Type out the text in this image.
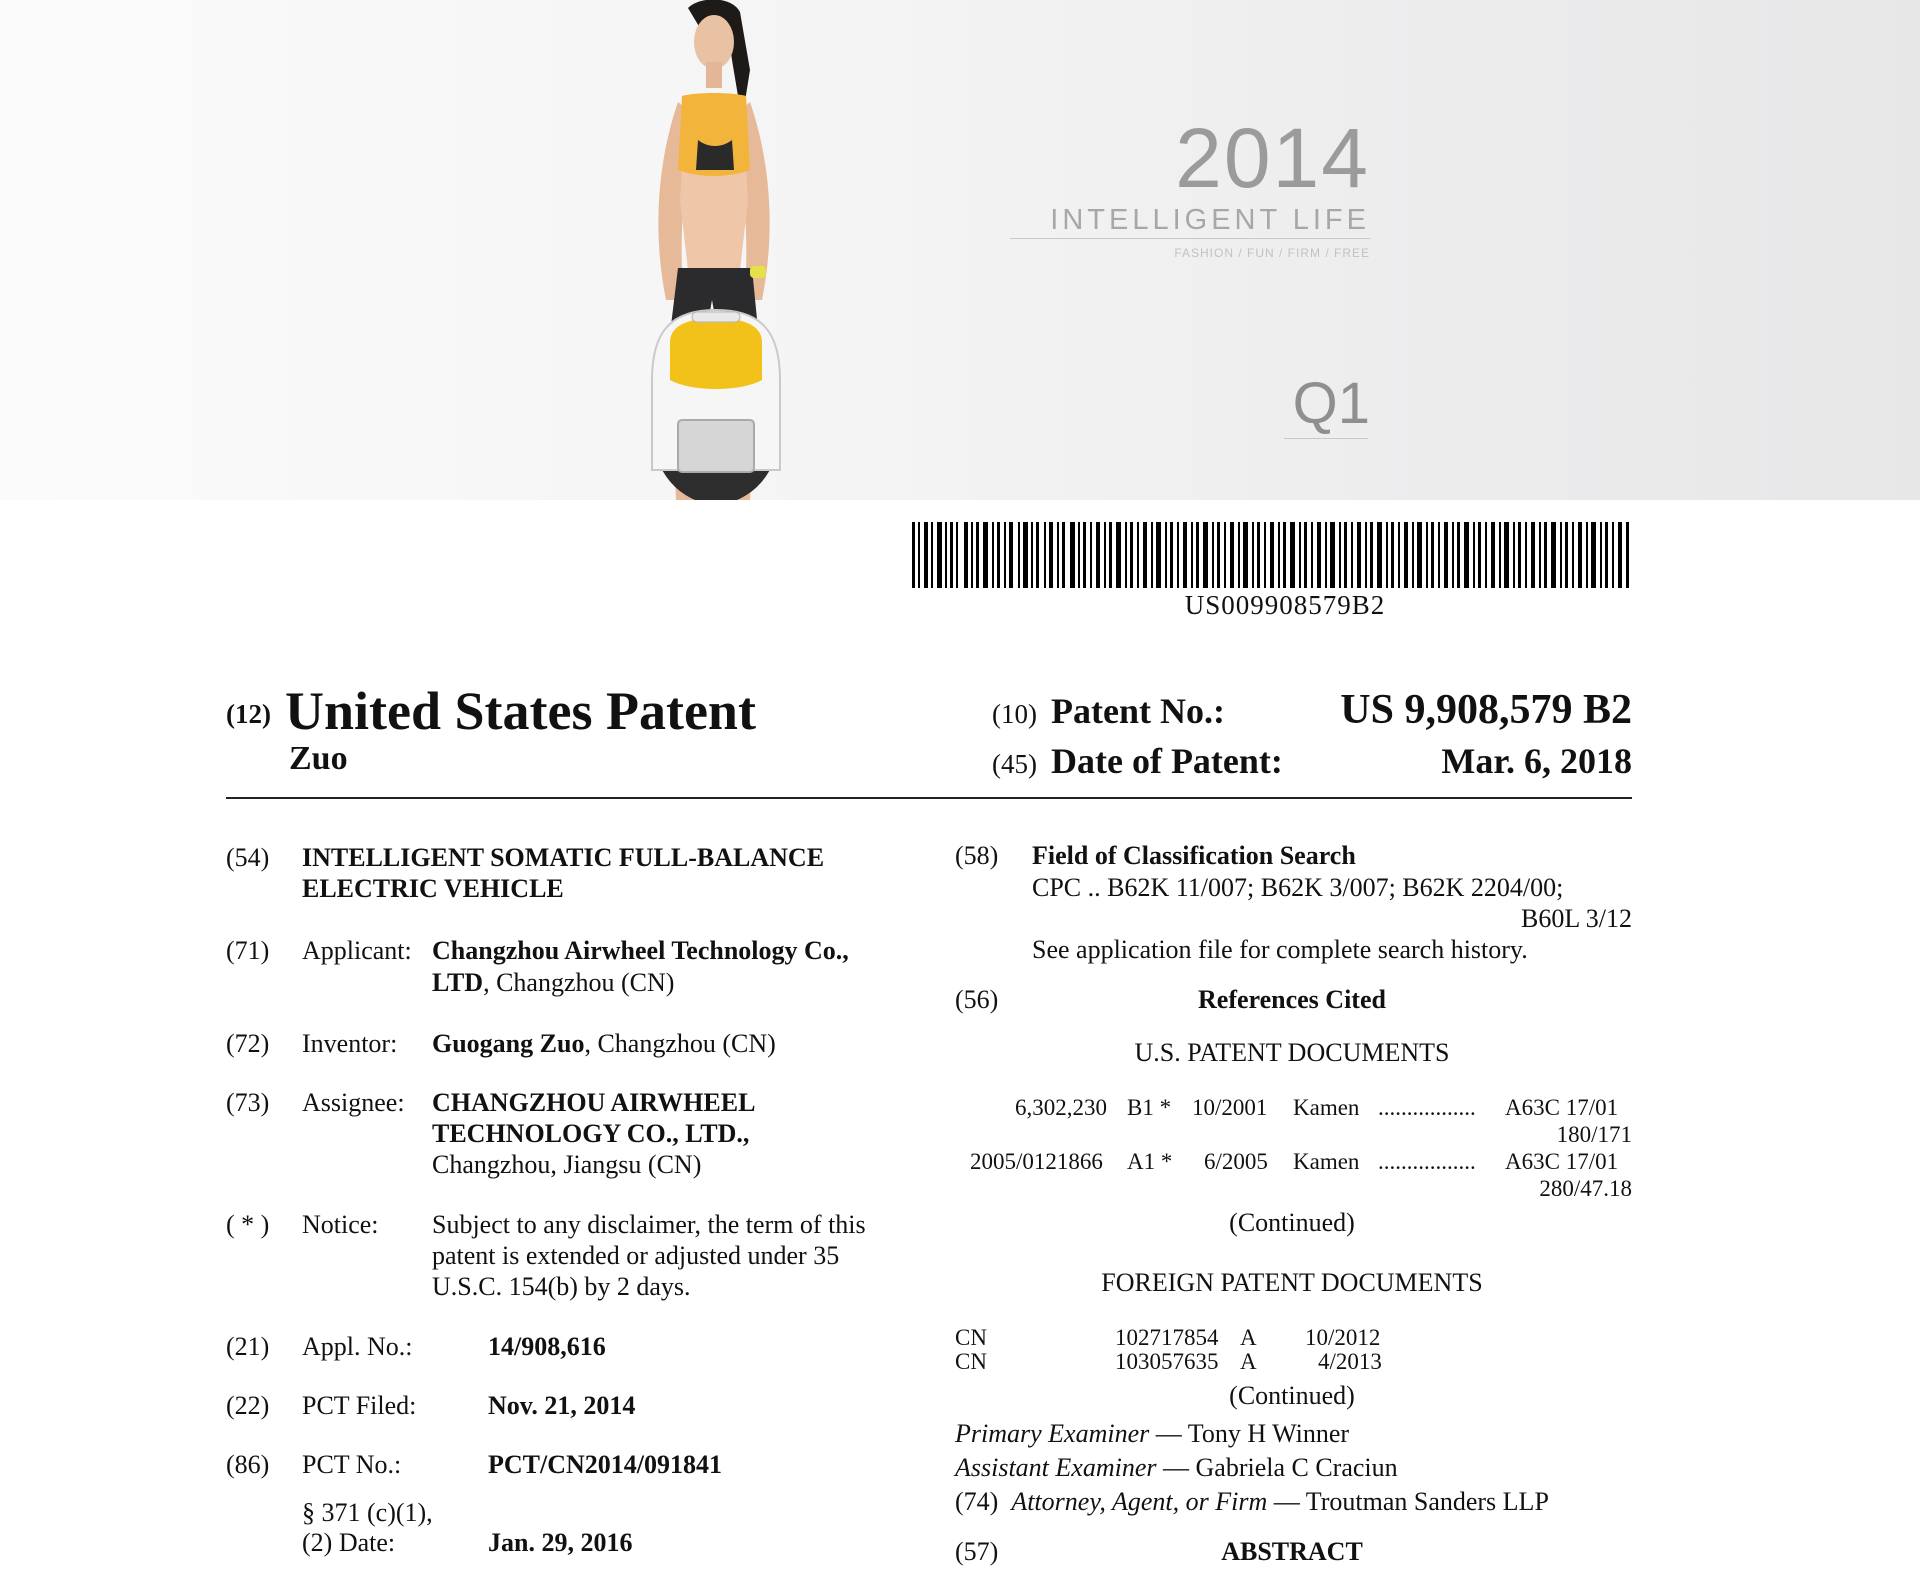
2014
INTELLIGENT LIFE
FASHION / FUN / FIRM / FREE
Q1
US009908579B2
(12) United States Patent
Zuo
(10) Patent No.:	US 9,908,579 B2
(45) Date of Patent:	Mar. 6, 2018
(54) INTELLIGENT SOMATIC FULL-BALANCE
ELECTRIC VEHICLE
(71) Applicant: Changzhou Airwheel Technology Co.,
LTD, Changzhou (CN)
(72) Inventor: Guogang Zuo, Changzhou (CN)
(73) Assignee: CHANGZHOU AIRWHEEL
TECHNOLOGY CO., LTD.,
Changzhou, Jiangsu (CN)
( * ) Notice: Subject to any disclaimer, the term of this
patent is extended or adjusted under 35
U.S.C. 154(b) by 2 days.
(21) Appl. No.:	14/908,616
(22) PCT Filed:	Nov. 21, 2014
(86) PCT No.:	PCT/CN2014/091841
§ 371 (c)(1),
(2) Date:	Jan. 29, 2016
(58) Field of Classification Search
CPC .. B62K 11/007; B62K 3/007; B62K 2204/00;
B60L 3/12
See application file for complete search history.
(56)	References Cited
U.S. PATENT DOCUMENTS
6,302,230 B1 * 10/2001 Kamen ................. A63C 17/01
180/171
2005/0121866 A1 * 6/2005 Kamen ................. A63C 17/01
280/47.18
(Continued)
FOREIGN PATENT DOCUMENTS
CN	102717854 A 10/2012
CN	103057635 A	4/2013
(Continued)
Primary Examiner — Tony H Winner
Assistant Examiner — Gabriela C Craciun
(74) Attorney, Agent, or Firm — Troutman Sanders LLP
(57)	ABSTRACT
